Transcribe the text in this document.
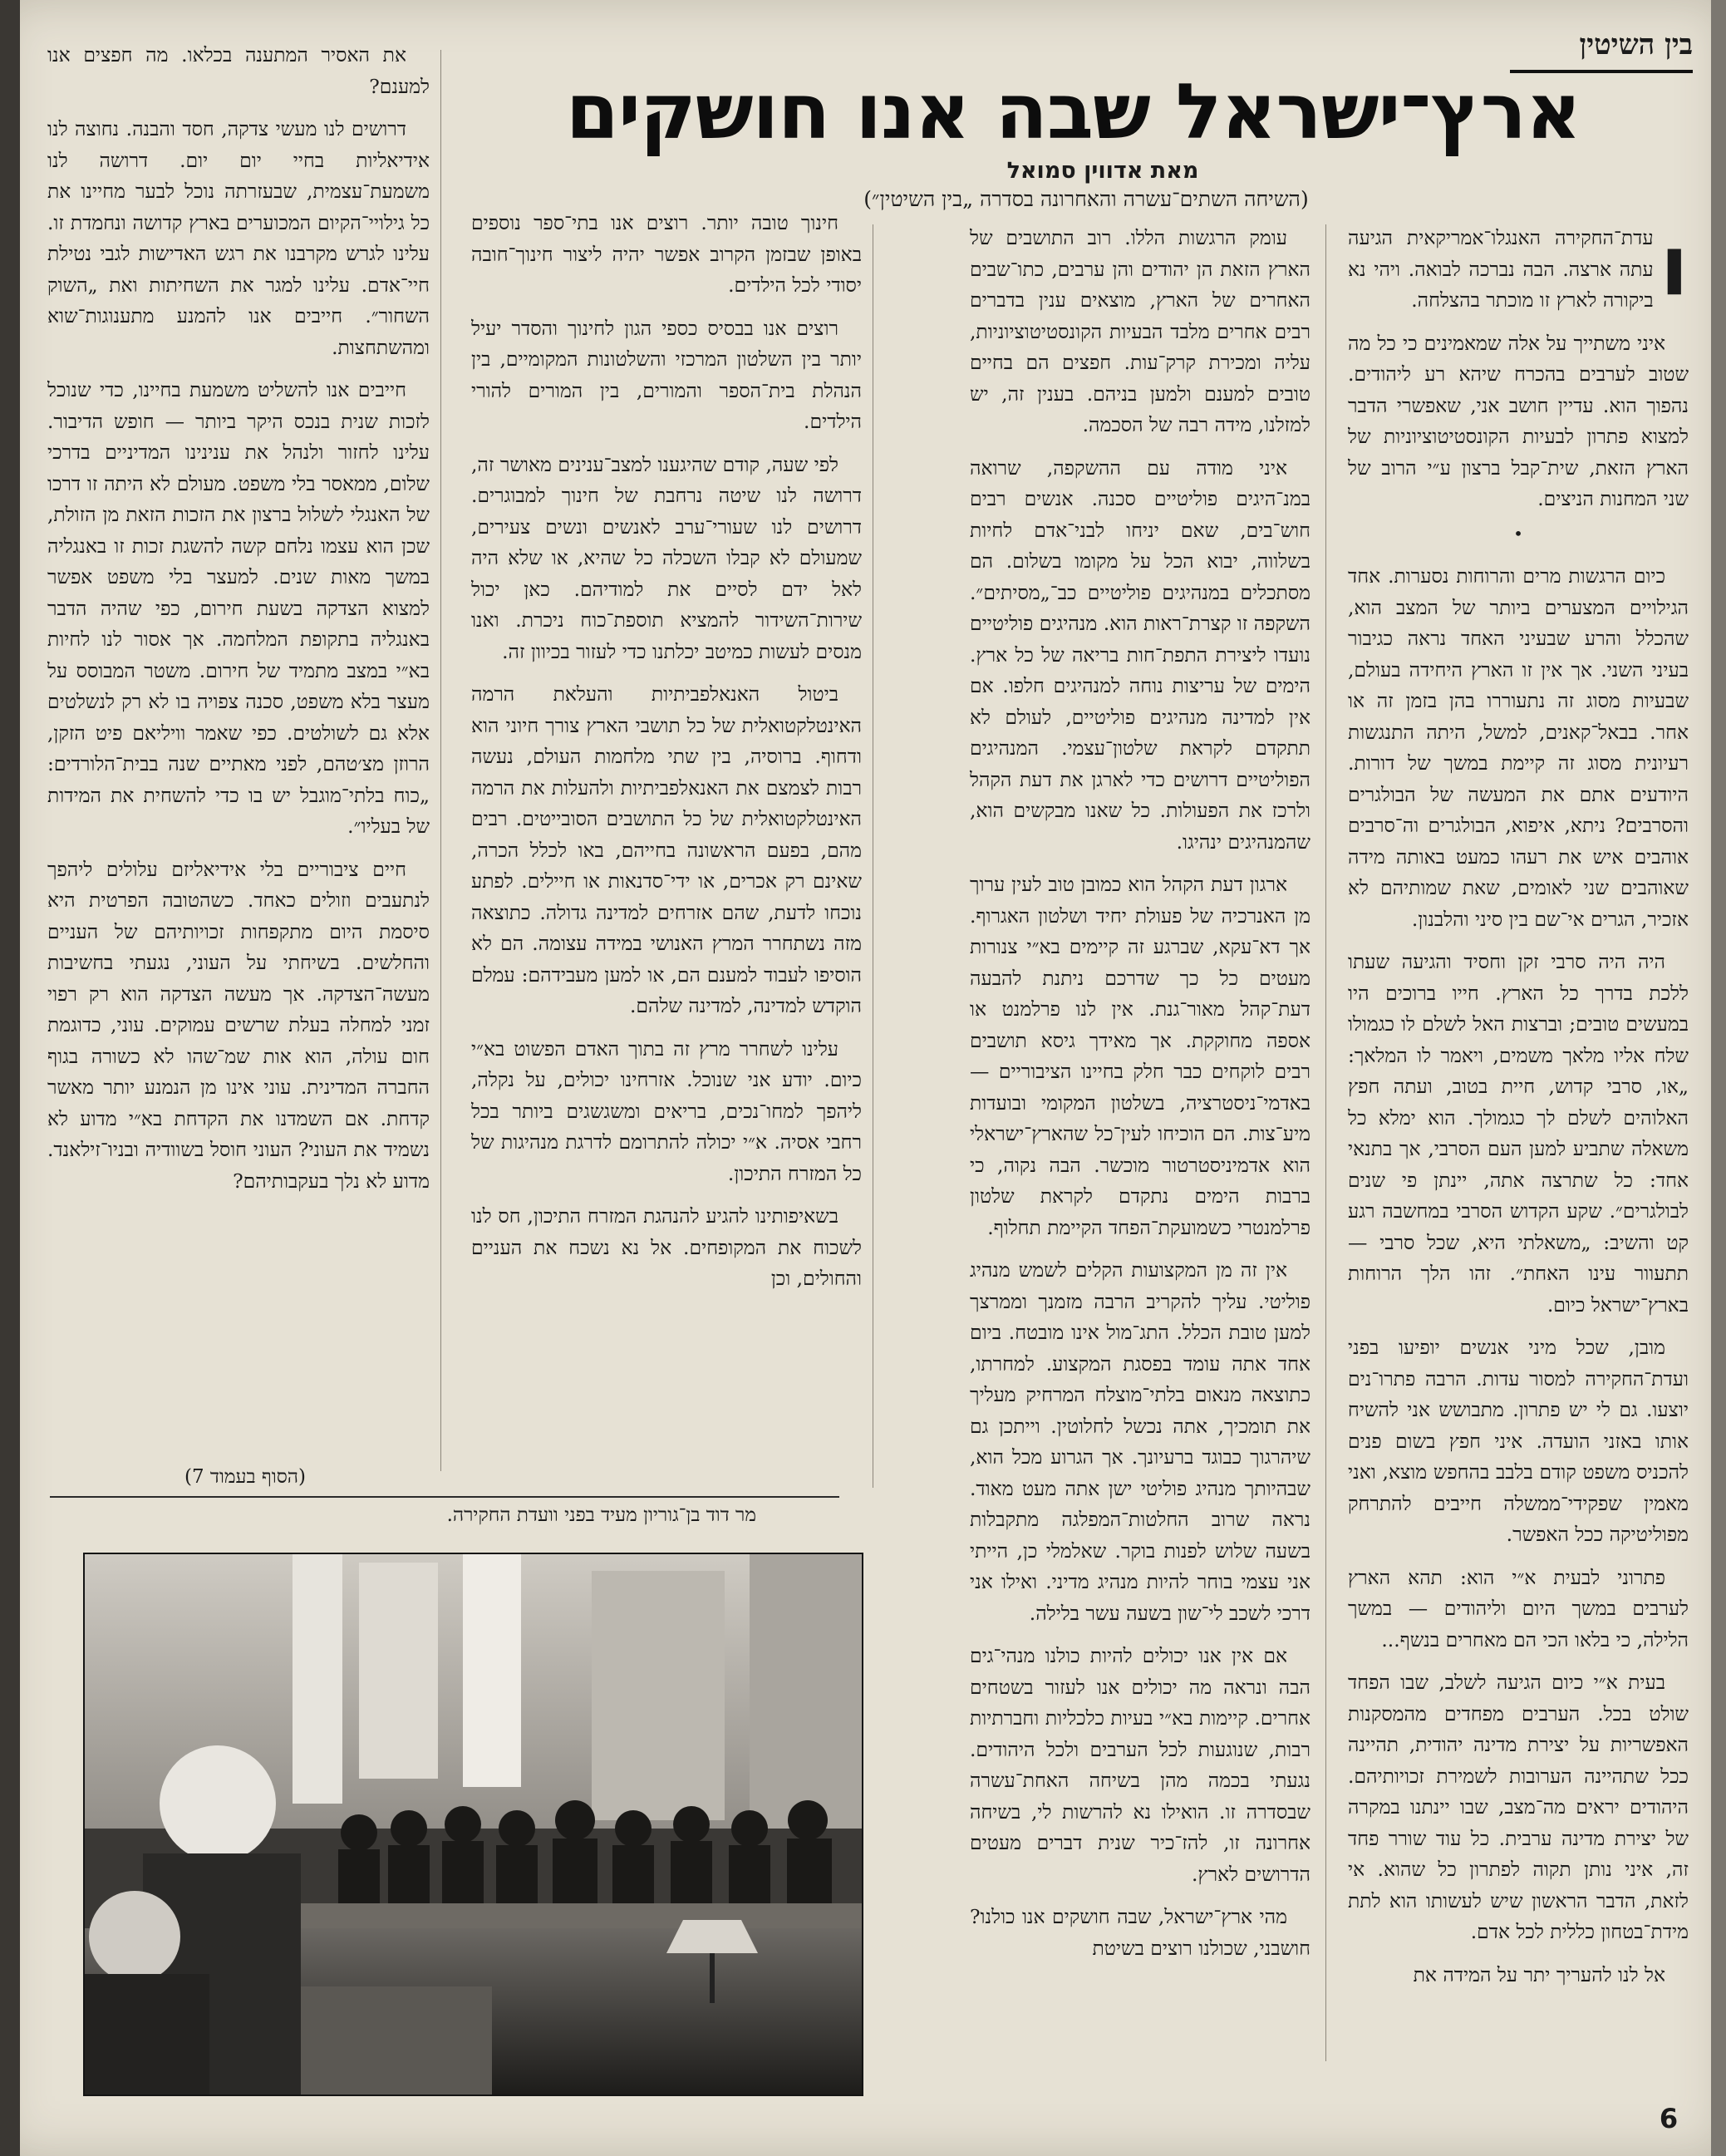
בין השיטין
ארץ־ישראל שבה אנו חושקים
מאת אדווין סמואל
(השיחה השתים־עשרה והאחרונה בסדרה „בין השיטין״)
ו

עדת־החקירה האנגלו־אמריקאית הגיעה עתה ארצה. הבה נברכה לבואה. ויהי נא ביקורה לארץ זו מוכתר בהצלחה.

איני משתייך על אלה שמאמינים כי כל מה שטוב לערבים בהכרח שיהא רע ליהודים. נהפוך הוא. עדיין חושב אני, שאפשרי הדבר למצוא פתרון לבעיות הקונסטיטוציוניות של הארץ הזאת, שית־קבל ברצון ע״י הרוב של שני המחנות הניצים.

•

כיום הרגשות מרים והרוחות נסערות. אחד הגילויים המצערים ביותר של המצב הוא, שהכלל והרע שבעיני האחד נראה כגיבור בעיני השני. אך אין זו הארץ היחידה בעולם, שבעיות מסוג זה נתעוררו בהן בזמן זה או אחר. בבאל־קאנים, למשל, היתה התנגשות רעיונית מסוג זה קיימת במשך של דורות. היודעים אתם את המעשה של הבולגרים והסרבים? ניתא, איפוא, הבולגרים וה־סרבים אוהבים איש את רעהו כמעט באותה מידה שאוהבים שני לאומים, שאת שמותיהם לא אזכיר, הגרים אי־שם בין סיני והלבנון.

היה היה סרבי זקן וחסיד והגיעה שעתו ללכת בדרך כל הארץ. חייו ברוכים היו במעשים טובים; וברצות האל לשלם לו כגמולו שלח אליו מלאך משמים, ויאמר לו המלאך: „או, סרבי קדוש, חיית בטוב, ועתה חפץ האלוהים לשלם לך כגמולך. הוא ימלא כל משאלה שתביע למען העם הסרבי, אך בתנאי אחד: כל שתרצה אתה, יינתן פי שנים לבולגרים״. שקע הקדוש הסרבי במחשבה רגע קט והשיב: „משאלתי היא, שכל סרבי — תתעוור עינו האחת״. זהו הלך הרוחות בארץ־ישראל כיום.

מובן, שכל מיני אנשים יופיעו בפני ועדת־החקירה למסור עדות. הרבה פתרו־נים יוצעו. גם לי יש פתרון. מתבושש אני להשיח אותו באזני הועדה. איני חפץ בשום פנים להכניס משפט קודם בלבב בהחפש מוצא, ואני מאמין שפקידי־ממשלה חייבים להתרחק מפוליטיקה ככל האפשר.

פתרוני לבעית א״י הוא: תהא הארץ לערבים במשך היום וליהודים — במשך הלילה, כי בלאו הכי הם מאחרים בנשף...

בעית א״י כיום הגיעה לשלב, שבו הפחד שולט בכל. הערבים מפחדים מהמסקנות האפשריות על יצירת מדינה יהודית, תהיינה ככל שתהיינה הערובות לשמירת זכויותיהם. היהודים יראים מה־מצב, שבו יינתנו במקרה של יצירת מדינה ערבית. כל עוד שורר פחד זה, איני נותן תקוה לפתרון כל שהוא. אי לזאת, הדבר הראשון שיש לעשותו הוא לתת מידת־בטחון כללית לכל אדם.

אל לנו להעריך יתר על המידה את

עומק הרגשות הללו. רוב התושבים של הארץ הזאת הן יהודים והן ערבים, כתו־שבים האחרים של הארץ, מוצאים ענין בדברים רבים אחרים מלבד הבעיות הקונסטיטוציוניות, עליה ומכירת קרק־עות. חפצים הם בחיים טובים למענם ולמען בניהם. בענין זה, יש למזלנו, מידה רבה של הסכמה.

איני מודה עם ההשקפה, שרואה במנ־היגים פוליטיים סכנה. אנשים רבים חוש־בים, שאם יניחו לבני־אדם לחיות בשלווה, יבוא הכל על מקומו בשלום. הם מסתכלים במנהיגים פוליטיים כב־„מסיתים״. השקפה זו קצרת־ראות הוא. מנהיגים פוליטיים נועדו ליצירת התפת־חות בריאה של כל ארץ. הימים של עריצות נוחה למנהיגים חלפו. אם אין למדינה מנהיגים פוליטיים, לעולם לא תתקדם לקראת שלטון־עצמי. המנהיגים הפוליטיים דרושים כדי לארגן את דעת הקהל ולרכז את הפעולות. כל שאנו מבקשים הוא, שהמנהיגים ינהיגו.

ארגון דעת הקהל הוא כמובן טוב לעין ערוך מן האנרכיה של פעולת יחיד ושלטון האגרוף. אך דא־עקא, שברגע זה קיימים בא״י צנורות מעטים כל כך שדרכם ניתנת להבעה דעת־קהל מאור־גנת. אין לנו פרלמנט או אספה מחוקקת. אך מאידך גיסא תושבים רבים לוקחים כבר חלק בחיינו הציבוריים — באדמי־ניסטרציה, בשלטון המקומי ובועדות מיע־צות. הם הוכיחו לעין־כל שהארץ־ישראלי הוא אדמיניסטרטור מוכשר. הבה נקוה, כי ברבות הימים נתקדם לקראת שלטון פרלמנטרי כשמועקת־הפחד הקיימת תחלוף.

אין זה מן המקצועות הקלים לשמש מנהיג פוליטי. עליך להקריב הרבה מזמנך וממרצך למען טובת הכלל. התג־מול אינו מובטח. ביום אחד אתה עומד בפסגת המקצוע. למחרתו, כתוצאה מנאום בלתי־מוצלח המרחיק מעליך את תומכיך, אתה נכשל לחלוטין. וייתכן גם שיהרגוך כבוגד ברעיונך. אך הגרוע מכל הוא, שבהיותך מנהיג פוליטי ישן אתה מעט מאוד. נראה שרוב החלטות־המפלגה מתקבלות בשעה שלוש לפנות בוקר. שאלמלי כן, הייתי אני עצמי בוחר להיות מנהיג מדיני. ואילו אני דרכי לשכב לי־שון בשעה עשר בלילה.

אם אין אנו יכולים להיות כולנו מנהי־גים הבה ונראה מה יכולים אנו לעזור בשטחים אחרים. קיימות בא״י בעיות כלכליות וחברתיות רבות, שנוגעות לכל הערבים ולכל היהודים. נגעתי בכמה מהן בשיחה האחת־עשרה שבסדרה זו. הואילו נא להרשות לי, בשיחה אחרונה זו, להז־כיר שנית דברים מעטים הדרושים לארץ.

מהי ארץ־ישראל, שבה חושקים אנו כולנו? חושבני, שכולנו רוצים בשיטת

חינוך טובה יותר. רוצים אנו בתי־ספר נוספים באופן שבזמן הקרוב אפשר יהיה ליצור חינוך־חובה יסודי לכל הילדים.

רוצים אנו בבסיס כספי הגון לחינוך והסדר יעיל יותר בין השלטון המרכזי והשלטונות המקומיים, בין הנהלת בית־הספר והמורים, בין המורים להורי הילדים.

לפי שעה, קודם שהיגענו למצב־ענינים מאושר זה, דרושה לנו שיטה נרחבת של חינוך למבוגרים. דרושים לנו שעורי־ערב לאנשים ונשים צעירים, שמעולם לא קבלו השכלה כל שהיא, או שלא היה לאל ידם לסיים את למודיהם. כאן יכול שירות־השידור להמציא תוספת־כוח ניכרת. ואנו מנסים לעשות כמיטב יכלתנו כדי לעזור בכיוון זה.

ביטול האנאלפביתיות והעלאת הרמה האינטלקטואלית של כל תושבי הארץ צורך חיוני הוא ודחוף. ברוסיה, בין שתי מלחמות העולם, נעשה רבות לצמצם את האנאלפביתיות ולהעלות את הרמה האינטלקטואלית של כל התושבים הסובייטים. רבים מהם, בפעם הראשונה בחייהם, באו לכלל הכרה, שאינם רק אכרים, או ידי־סדנאות או חיילים. לפתע נוכחו לדעת, שהם אזרחים למדינה גדולה. כתוצאה מזה נשתחרר המרץ האנושי במידה עצומה. הם לא הוסיפו לעבוד למענם הם, או למען מעבידהם: עמלם הוקדש למדינה, למדינה שלהם.

עלינו לשחרר מרץ זה בתוך האדם הפשוט בא״י כיום. יודע אני שנוכל. אזרחינו יכולים, על נקלה, ליהפך למחו־נכים, בריאים ומשגשגים ביותר בכל רחבי אסיה. א״י יכולה להתרומם לדרגת מנהיגות של כל המזרח התיכון.

בשאיפותינו להגיע להנהגת המזרח התיכון, חס לנו לשכוח את המקופחים. אל נא נשכח את העניים והחולים, וכן

את האסיר המתענה בכלאו. מה חפצים אנו למענם?

דרושים לנו מעשי צדקה, חסד והבנה. נחוצה לנו אידיאליות בחיי יום יום. דרושה לנו משמעת־עצמית, שבעזרתה נוכל לבער מחיינו את כל גילויי־הקיום המכוערים בארץ קדושה ונחמדת זו. עלינו לגרש מקרבנו את רגש האדישות לגבי נטילת חיי־אדם. עלינו למגר את השחיתות ואת „השוק השחור״. חייבים אנו להמנע מתענוגות־שוא ומהשתחצות.

חייבים אנו להשליט משמעת בחיינו, כדי שנוכל לזכות שנית בנכס היקר ביותר — חופש הדיבור. עלינו לחזור ולנהל את ענינינו המדיניים בדרכי שלום, ממאסר בלי משפט. מעולם לא היתה זו דרכו של האנגלי לשלול ברצון את הזכות הזאת מן הזולת, שכן הוא עצמו נלחם קשה להשגת זכות זו באנגליה במשך מאות שנים. למעצר בלי משפט אפשר למצוא הצדקה בשעת חירום, כפי שהיה הדבר באנגליה בתקופת המלחמה. אך אסור לנו לחיות בא״י במצב מתמיד של חירום. משטר המבוסס על מעצר בלא משפט, סכנה צפויה בו לא רק לנשלטים אלא גם לשולטים. כפי שאמר וויליאם פיט הזקן, הרוזן מצ׳טהם, לפני מאתיים שנה בבית־הלורדים: „כוח בלתי־מוגבל יש בו כדי להשחית את המידות של בעליו״.

חיים ציבוריים בלי אידיאליזם עלולים ליהפך לנתעבים וזולים כאחד. כשהטובה הפרטית היא סיסמת היום מתקפחות זכויותיהם של העניים והחלשים. בשיחתי על העוני, נגעתי בחשיבות מעשה־הצדקה. אך מעשה הצדקה הוא רק רפוי זמני למחלה בעלת שרשים עמוקים. עוני, כדוגמת חום עולה, הוא אות שמ־שהו לא כשורה בגוף החברה המדינית. עוני אינו מן הנמנע יותר מאשר קדחת. אם השמדנו את הקדחת בא״י מדוע לא נשמיד את העוני? העוני חוסל בשוודיה ובניו־זילאנד. מדוע לא נלך בעקבותיהם?

(הסוף בעמוד 7)
מר דוד בן־גוריון מעיד בפני וועדת החקירה.
6
